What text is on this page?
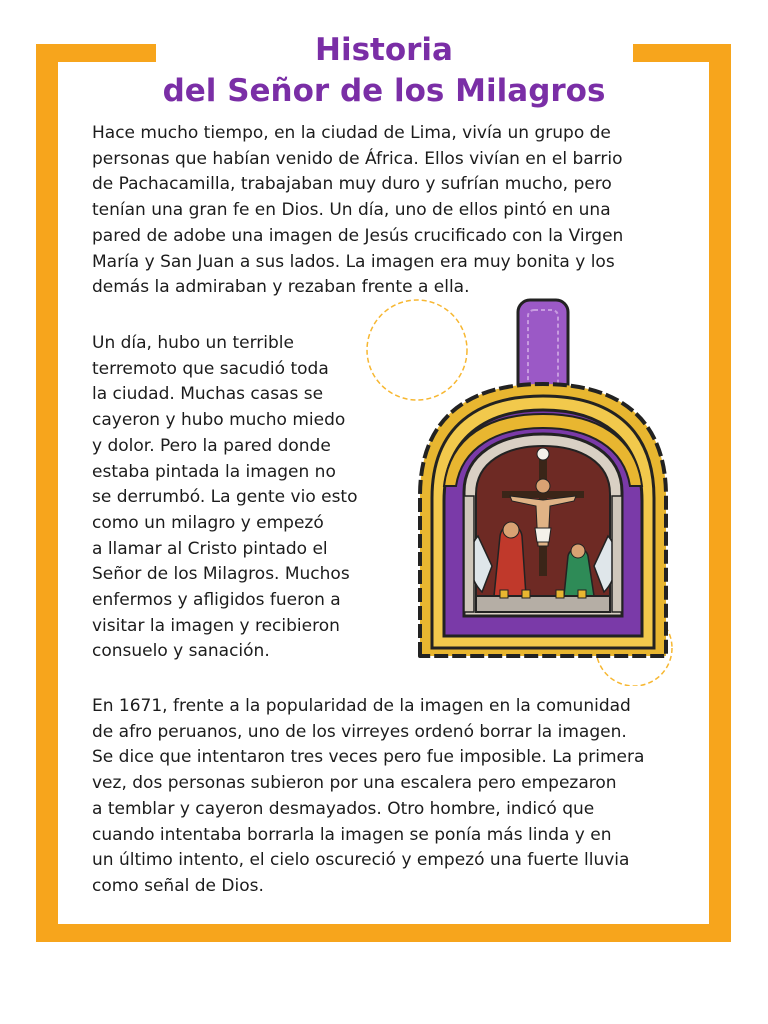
Historia
del Señor de los Milagros
Hace mucho tiempo, en la ciudad de Lima, vivía un grupo de
personas que habían venido de África. Ellos vivían en el barrio
de Pachacamilla, trabajaban muy duro y sufrían mucho, pero
tenían una gran fe en Dios. Un día, uno de ellos pintó en una
pared de adobe una imagen de Jesús crucificado con la Virgen
María y San Juan a sus lados. La imagen era muy bonita y los
demás la admiraban y rezaban frente a ella.
Un día, hubo un terrible
terremoto que sacudió toda
la ciudad. Muchas casas se
cayeron y hubo mucho miedo
y dolor. Pero la pared donde
estaba pintada la imagen no
se derrumbó. La gente vio esto
como un milagro y empezó
a llamar al Cristo pintado el
Señor de los Milagros. Muchos
enfermos y afligidos fueron a
visitar la imagen y recibieron
consuelo y sanación.
En 1671, frente a la popularidad de la imagen en la comunidad
de afro peruanos, uno de los virreyes ordenó borrar la imagen.
Se dice que intentaron tres veces pero fue imposible. La primera
vez, dos personas subieron por una escalera pero empezaron
a temblar y cayeron desmayados. Otro hombre, indicó que
cuando intentaba borrarla la imagen se ponía más linda y en
un último intento, el cielo oscureció y empezó una fuerte lluvia
como señal de Dios.
